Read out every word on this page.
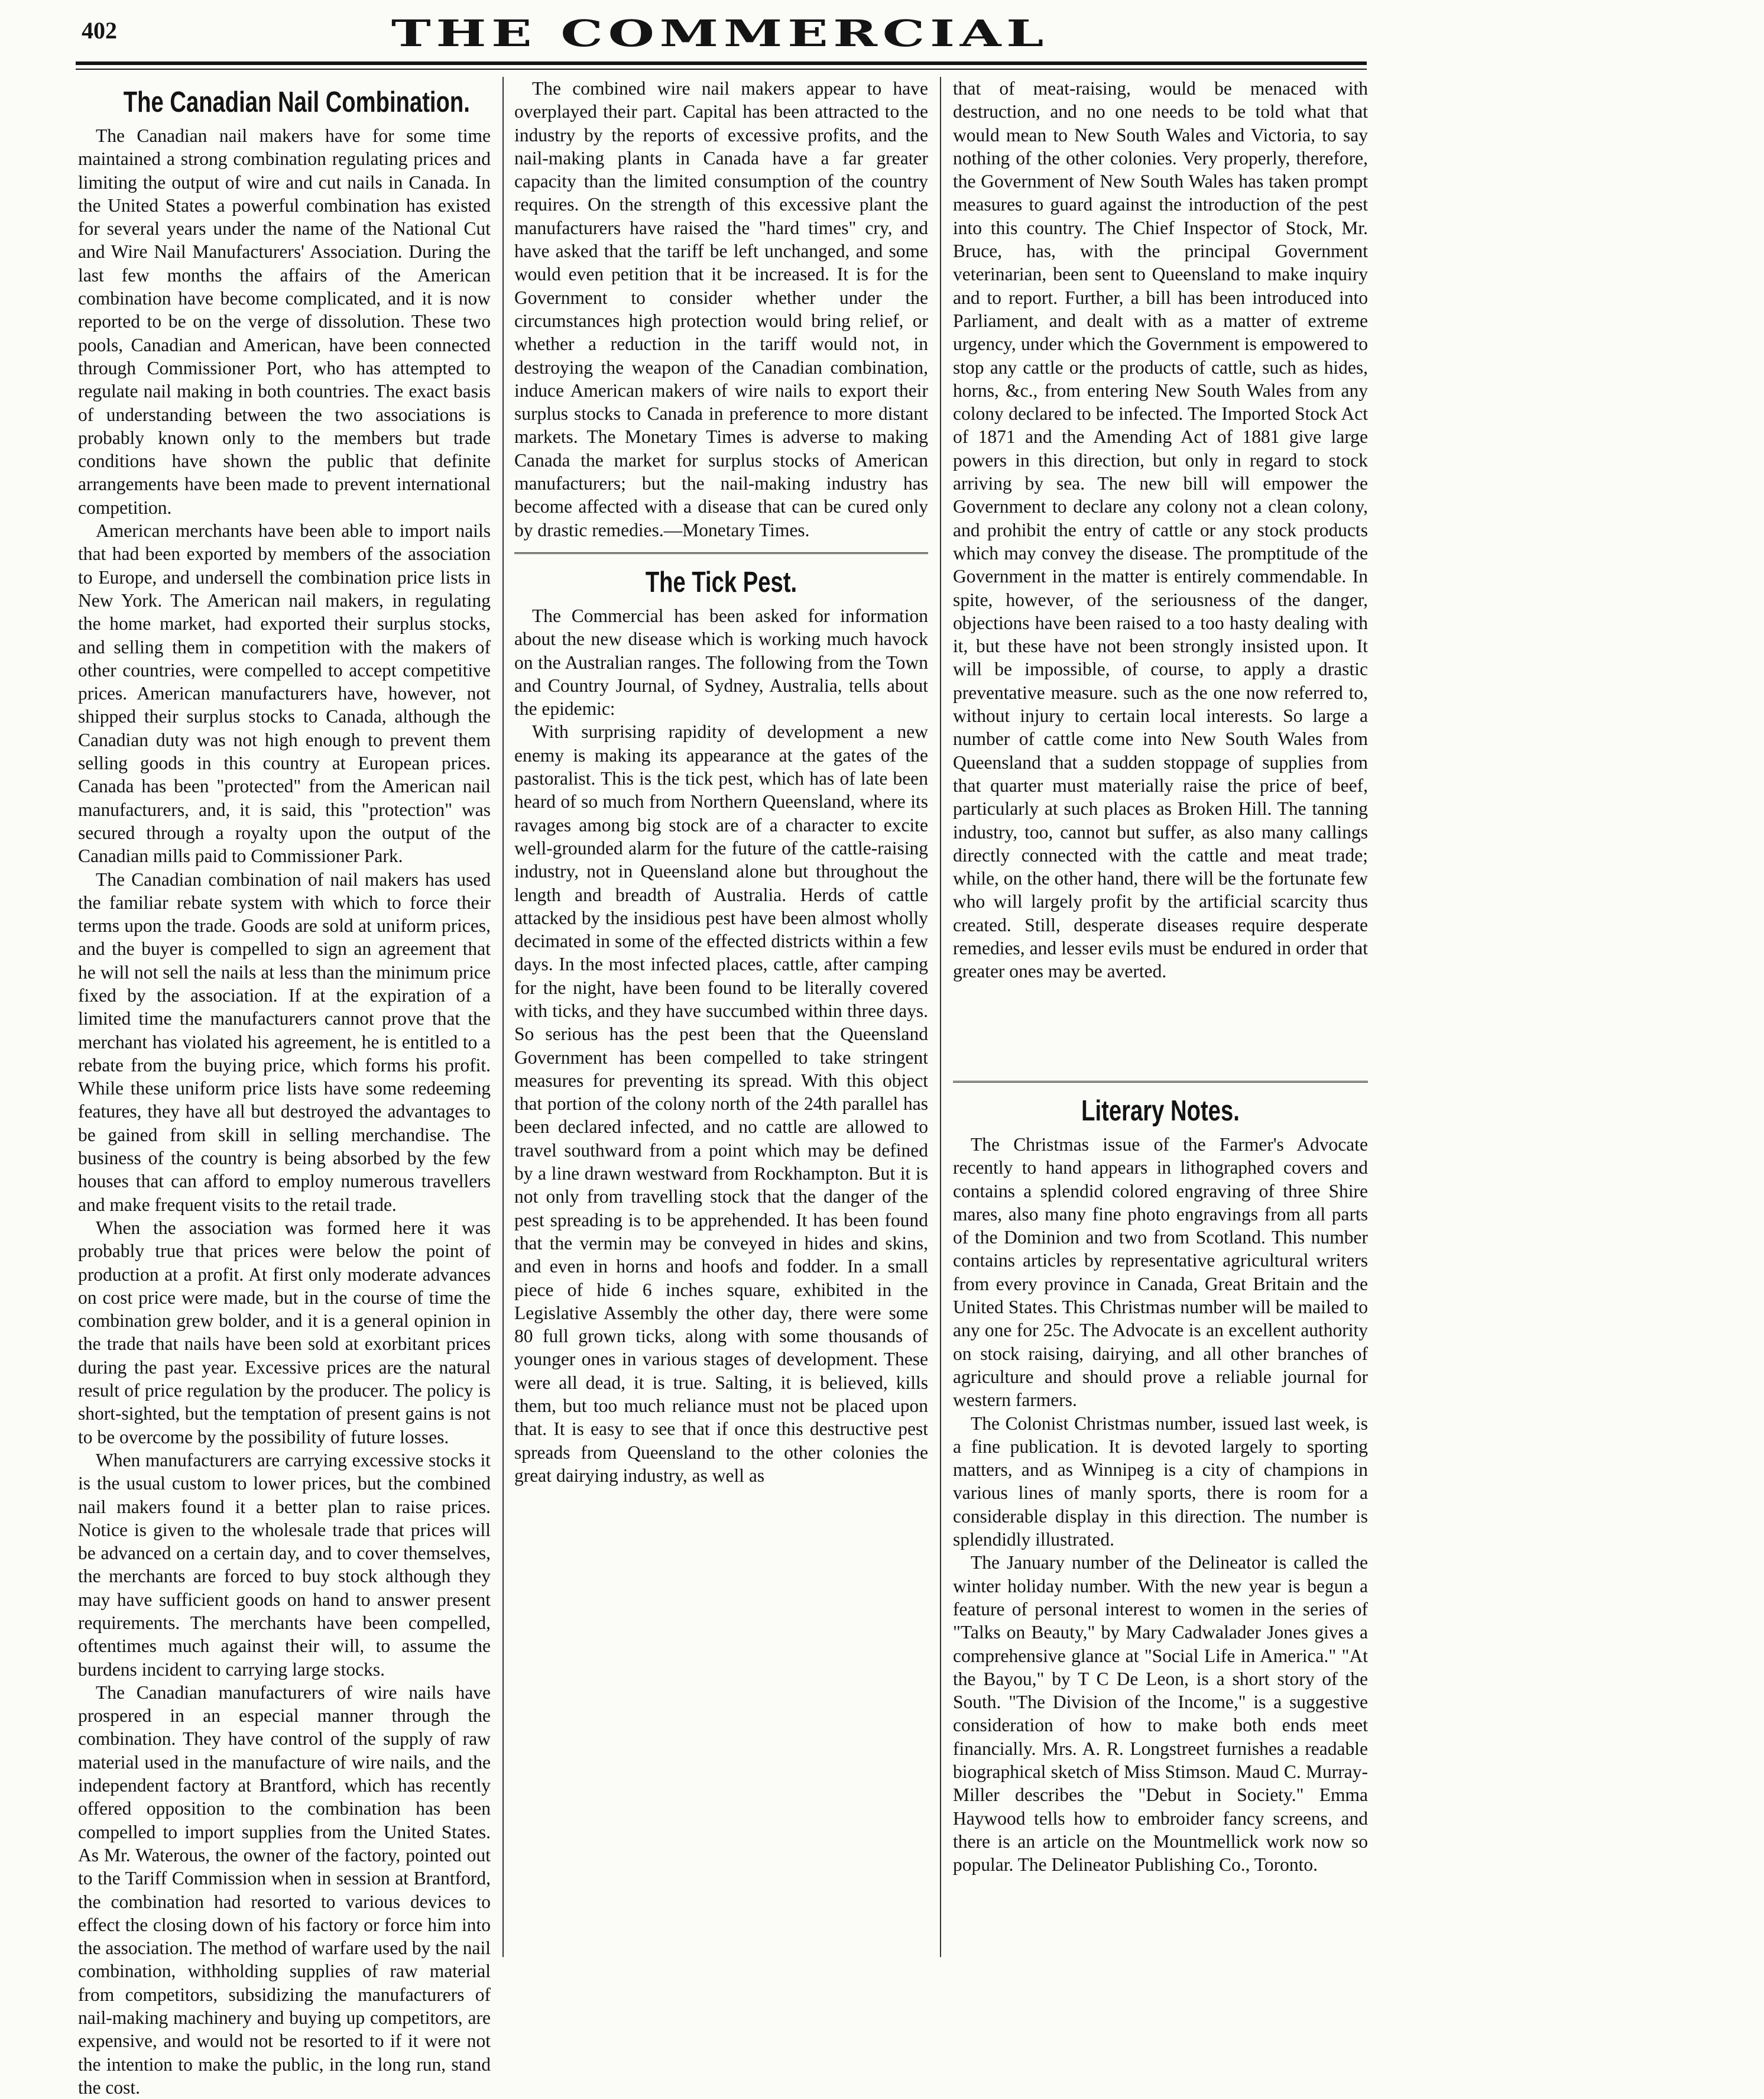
402	THE COMMERCIAL
The Canadian Nail Combination.

The Canadian nail makers have for some time maintained a strong combination regulating prices and limiting the output of wire and cut nails in Canada. In the United States a powerful combination has existed for several years under the name of the National Cut and Wire Nail Manufacturers' Association. During the last few months the affairs of the American combination have become complicated, and it is now reported to be on the verge of dissolution. These two pools, Canadian and American, have been connected through Commissioner Port, who has attempted to regulate nail making in both countries. The exact basis of understanding between the two associations is probably known only to the members but trade conditions have shown the public that definite arrangements have been made to prevent international competition.

American merchants have been able to import nails that had been exported by members of the association to Europe, and undersell the combination price lists in New York. The American nail makers, in regulating the home market, had exported their surplus stocks, and selling them in competition with the makers of other countries, were compelled to accept competitive prices. American manufacturers have, however, not shipped their surplus stocks to Canada, although the Canadian duty was not high enough to prevent them selling goods in this country at European prices. Canada has been "protected" from the American nail manufacturers, and, it is said, this "protection" was secured through a royalty upon the output of the Canadian mills paid to Commissioner Park.

The Canadian combination of nail makers has used the familiar rebate system with which to force their terms upon the trade. Goods are sold at uniform prices, and the buyer is compelled to sign an agreement that he will not sell the nails at less than the minimum price fixed by the association. If at the expiration of a limited time the manufacturers cannot prove that the merchant has violated his agreement, he is entitled to a rebate from the buying price, which forms his profit. While these uniform price lists have some redeeming features, they have all but destroyed the advantages to be gained from skill in selling merchandise. The business of the country is being absorbed by the few houses that can afford to employ numerous travellers and make frequent visits to the retail trade.

When the association was formed here it was probably true that prices were below the point of production at a profit. At first only moderate advances on cost price were made, but in the course of time the combination grew bolder, and it is a general opinion in the trade that nails have been sold at exorbitant prices during the past year. Excessive prices are the natural result of price regulation by the producer. The policy is short-sighted, but the temptation of present gains is not to be overcome by the possibility of future losses.

When manufacturers are carrying excessive stocks it is the usual custom to lower prices, but the combined nail makers found it a better plan to raise prices. Notice is given to the wholesale trade that prices will be advanced on a certain day, and to cover themselves, the merchants are forced to buy stock although they may have sufficient goods on hand to answer present requirements. The merchants have been compelled, oftentimes much against their will, to assume the burdens incident to carrying large stocks.

The Canadian manufacturers of wire nails have prospered in an especial manner through the combination. They have control of the supply of raw material used in the manufacture of wire nails, and the independent factory at Brantford, which has recently offered opposition to the combination has been compelled to import supplies from the United States. As Mr. Waterous, the owner of the factory, pointed out to the Tariff Commission when in session at Brantford, the combination had resorted to various devices to effect the closing down of his factory or force him into the association. The method of warfare used by the nail combination, withholding supplies of raw material from competitors, subsidizing the manufacturers of nail-making machinery and buying up competitors, are expensive, and would not be resorted to if it were not the intention to make the public, in the long run, stand the cost.

The combined wire nail makers appear to have overplayed their part. Capital has been attracted to the industry by the reports of excessive profits, and the nail-making plants in Canada have a far greater capacity than the limited consumption of the country requires. On the strength of this excessive plant the manufacturers have raised the "hard times" cry, and have asked that the tariff be left unchanged, and some would even petition that it be increased. It is for the Government to consider whether under the circumstances high protection would bring relief, or whether a reduction in the tariff would not, in destroying the weapon of the Canadian combination, induce American makers of wire nails to export their surplus stocks to Canada in preference to more distant markets. The Monetary Times is adverse to making Canada the market for surplus stocks of American manufacturers; but the nail-making industry has become affected with a disease that can be cured only by drastic remedies.—Monetary Times.

The Tick Pest.

The Commercial has been asked for information about the new disease which is working much havock on the Australian ranges. The following from the Town and Country Journal, of Sydney, Australia, tells about the epidemic:

With surprising rapidity of development a new enemy is making its appearance at the gates of the pastoralist. This is the tick pest, which has of late been heard of so much from Northern Queensland, where its ravages among big stock are of a character to excite well-grounded alarm for the future of the cattle-raising industry, not in Queensland alone but throughout the length and breadth of Australia. Herds of cattle attacked by the insidious pest have been almost wholly decimated in some of the effected districts within a few days. In the most infected places, cattle, after camping for the night, have been found to be literally covered with ticks, and they have succumbed within three days. So serious has the pest been that the Queensland Government has been compelled to take stringent measures for preventing its spread. With this object that portion of the colony north of the 24th parallel has been declared infected, and no cattle are allowed to travel southward from a point which may be defined by a line drawn westward from Rockhampton. But it is not only from travelling stock that the danger of the pest spreading is to be apprehended. It has been found that the vermin may be conveyed in hides and skins, and even in horns and hoofs and fodder. In a small piece of hide 6 inches square, exhibited in the Legislative Assembly the other day, there were some 80 full grown ticks, along with some thousands of younger ones in various stages of development. These were all dead, it is true. Salting, it is believed, kills them, but too much reliance must not be placed upon that. It is easy to see that if once this destructive pest spreads from Queensland to the other colonies the great dairying industry, as well as

that of meat-raising, would be menaced with destruction, and no one needs to be told what that would mean to New South Wales and Victoria, to say nothing of the other colonies. Very properly, therefore, the Government of New South Wales has taken prompt measures to guard against the introduction of the pest into this country. The Chief Inspector of Stock, Mr. Bruce, has, with the principal Government veterinarian, been sent to Queensland to make inquiry and to report. Further, a bill has been introduced into Parliament, and dealt with as a matter of extreme urgency, under which the Government is empowered to stop any cattle or the products of cattle, such as hides, horns, &c., from entering New South Wales from any colony declared to be infected. The Imported Stock Act of 1871 and the Amending Act of 1881 give large powers in this direction, but only in regard to stock arriving by sea. The new bill will empower the Government to declare any colony not a clean colony, and prohibit the entry of cattle or any stock products which may convey the disease. The promptitude of the Government in the matter is entirely commendable. In spite, however, of the seriousness of the danger, objections have been raised to a too hasty dealing with it, but these have not been strongly insisted upon. It will be impossible, of course, to apply a drastic preventative measure. such as the one now referred to, without injury to certain local interests. So large a number of cattle come into New South Wales from Queensland that a sudden stoppage of supplies from that quarter must materially raise the price of beef, particularly at such places as Broken Hill. The tanning industry, too, cannot but suffer, as also many callings directly connected with the cattle and meat trade; while, on the other hand, there will be the fortunate few who will largely profit by the artificial scarcity thus created. Still, desperate diseases require desperate remedies, and lesser evils must be endured in order that greater ones may be averted.

Literary Notes.

The Christmas issue of the Farmer's Advocate recently to hand appears in lithographed covers and contains a splendid colored engraving of three Shire mares, also many fine photo engravings from all parts of the Dominion and two from Scotland. This number contains articles by representative agricultural writers from every province in Canada, Great Britain and the United States. This Christmas number will be mailed to any one for 25c. The Advocate is an excellent authority on stock raising, dairying, and all other branches of agriculture and should prove a reliable journal for western farmers.

The Colonist Christmas number, issued last week, is a fine publication. It is devoted largely to sporting matters, and as Winnipeg is a city of champions in various lines of manly sports, there is room for a considerable display in this direction. The number is splendidly illustrated.

The January number of the Delineator is called the winter holiday number. With the new year is begun a feature of personal interest to women in the series of "Talks on Beauty," by Mary Cadwalader Jones gives a comprehensive glance at "Social Life in America." "At the Bayou," by T C De Leon, is a short story of the South. "The Division of the Income," is a suggestive consideration of how to make both ends meet financially. Mrs. A. R. Longstreet furnishes a readable biographical sketch of Miss Stimson. Maud C. Murray-Miller describes the "Debut in Society." Emma Haywood tells how to embroider fancy screens, and there is an article on the Mountmellick work now so popular. The Delineator Publishing Co., Toronto.
